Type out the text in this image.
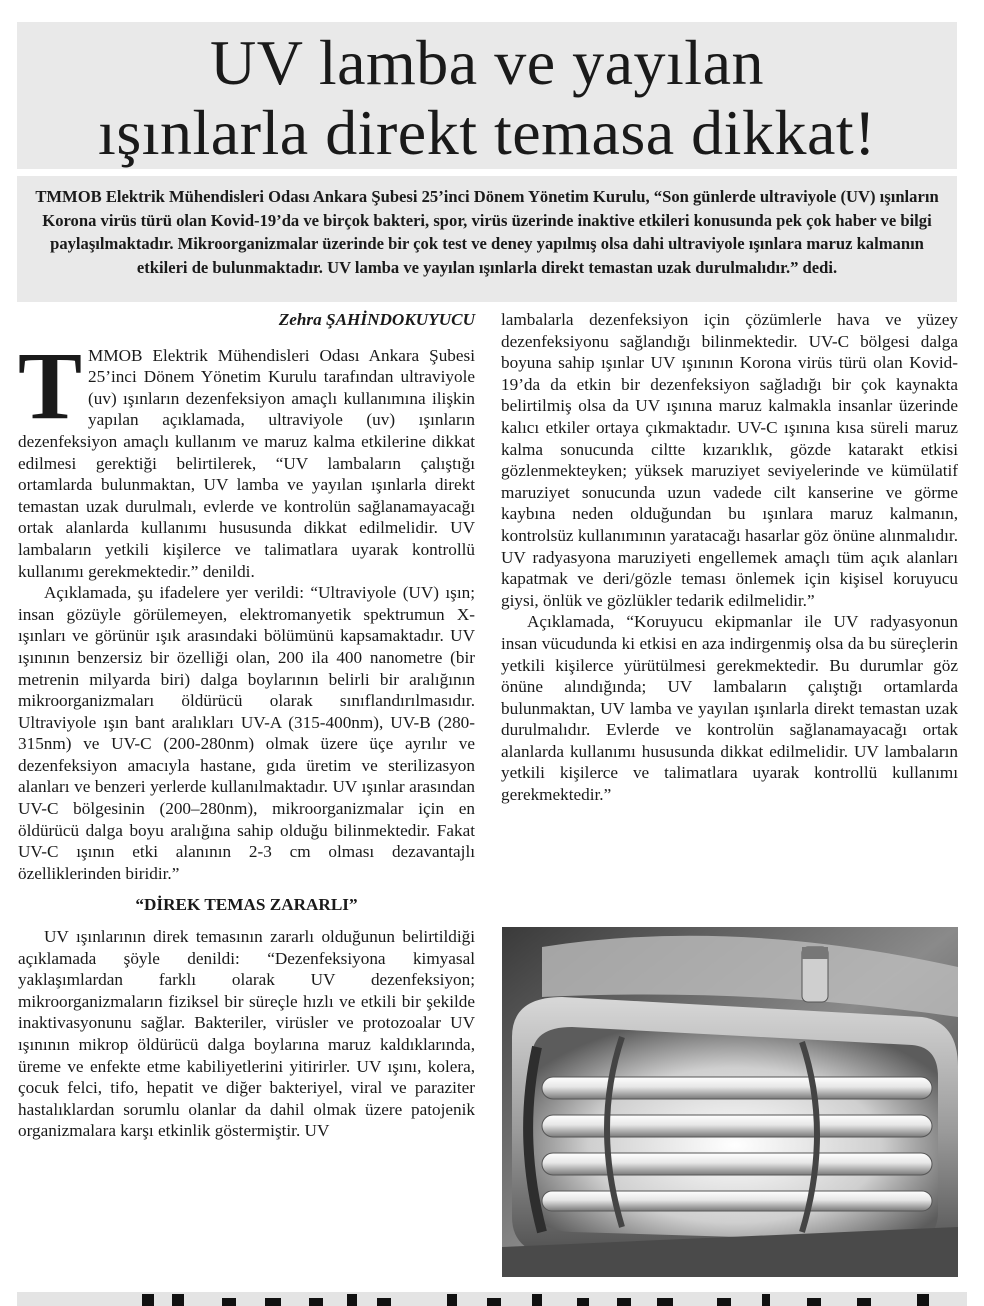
UV lamba ve yayılan
ışınlarla direkt temasa dikkat!
TMMOB Elektrik Mühendisleri Odası Ankara Şubesi 25’inci Dönem Yönetim Kurulu, “Son günlerde ultraviyole (UV) ışınların Korona virüs türü olan Kovid-19’da ve birçok bakteri, spor, virüs üzerinde inaktive etkileri konusunda pek çok haber ve bilgi paylaşılmaktadır. Mikroorganizmalar üzerinde bir çok test ve deney yapılmış olsa dahi ultraviyole ışınlara maruz kalmanın etkileri de bulunmaktadır. UV lamba ve yayılan ışınlarla direkt temastan uzak durulmalıdır.” dedi.
Zehra ŞAHİNDOKUYUCU

TMMOB Elektrik Mühendisleri Odası Ankara Şubesi 25’inci Dönem Yönetim Kurulu tarafından ultraviyole (uv) ışınların dezenfeksiyon amaçlı kullanımına ilişkin yapılan açıklamada, ultraviyole (uv) ışınların dezenfeksiyon amaçlı kullanım ve maruz kalma etkilerine dikkat edilmesi gerektiği belirtilerek, “UV lambaların çalıştığı ortamlarda bulunmaktan, UV lamba ve yayılan ışınlarla direkt temastan uzak durulmalı, evlerde ve kontrolün sağlanamayacağı ortak alanlarda kullanımı hususunda dikkat edilmelidir. UV lambaların yetkili kişilerce ve talimatlara uyarak kontrollü kullanımı gerekmektedir.” denildi.

Açıklamada, şu ifadelere yer verildi: “Ultraviyole (UV) ışın; insan gözüyle görülemeyen, elektromanyetik spektrumun X-ışınları ve görünür ışık arasındaki bölümünü kapsamaktadır. UV ışınının benzersiz bir özelliği olan, 200 ila 400 nanometre (bir metrenin milyarda biri) dalga boylarının belirli bir aralığının mikroorganizmaları öldürücü olarak sınıflandırılmasıdır. Ultraviyole ışın bant aralıkları UV-A (315-400nm), UV-B (280- 315nm) ve UV-C (200-280nm) olmak üzere üçe ayrılır ve dezenfeksiyon amacıyla hastane, gıda üretim ve sterilizasyon alanları ve benzeri yerlerde kullanılmaktadır. UV ışınlar arasından UV-C bölgesinin (200–280nm), mikroorganizmalar için en öldürücü dalga boyu aralığına sahip olduğu bilinmektedir. Fakat UV-C ışının etki alanının 2-3 cm olması dezavantajlı özelliklerinden biridir.”

“DİREK TEMAS ZARARLI”

UV ışınlarının direk temasının zararlı olduğunun belirtildiği açıklamada şöyle denildi: “Dezenfeksiyona kimyasal yaklaşımlardan farklı olarak UV dezenfeksiyon; mikroorganizmaların fiziksel bir süreçle hızlı ve etkili bir şekilde inaktivasyonunu sağlar. Bakteriler, virüsler ve protozoalar UV ışınının mikrop öldürücü dalga boylarına maruz kaldıklarında, üreme ve enfekte etme kabiliyetlerini yitirirler. UV ışını, kolera, çocuk felci, tifo, hepatit ve diğer bakteriyel, viral ve paraziter hastalıklardan sorumlu olanlar da dahil olmak üzere patojenik organizmalara karşı etkinlik göstermiştir. UV

lambalarla dezenfeksiyon için çözümlerle hava ve yüzey dezenfeksiyonu sağlandığı bilinmektedir. UV-C bölgesi dalga boyuna sahip ışınlar UV ışınının Korona virüs türü olan Kovid-19’da da etkin bir dezenfeksiyon sağladığı bir çok kaynakta belirtilmiş olsa da UV ışınına maruz kalmakla insanlar üzerinde kalıcı etkiler ortaya çıkmaktadır. UV-C ışınına kısa süreli maruz kalma sonucunda ciltte kızarıklık, gözde katarakt etkisi gözlenmekteyken; yüksek maruziyet seviyelerinde ve kümülatif maruziyet sonucunda uzun vadede cilt kanserine ve görme kaybına neden olduğundan bu ışınlara maruz kalmanın, kontrolsüz kullanımının yaratacağı hasarlar göz önüne alınmalıdır. UV radyasyona maruziyeti engellemek amaçlı tüm açık alanları kapatmak ve deri/gözle teması önlemek için kişisel koruyucu giysi, önlük ve gözlükler tedarik edilmelidir.”

Açıklamada, “Koruyucu ekipmanlar ile UV radyasyonun insan vücudunda ki etkisi en aza indirgenmiş olsa da bu süreçlerin yetkili kişilerce yürütülmesi gerekmektedir. Bu durumlar göz önüne alındığında; UV lambaların çalıştığı ortamlarda bulunmaktan, UV lamba ve yayılan ışınlarla direkt temastan uzak durulmalıdır. Evlerde ve kontrolün sağlanamayacağı ortak alanlarda kullanımı hususunda dikkat edilmelidir. UV lambaların yetkili kişilerce ve talimatlara uyarak kontrollü kullanımı gerekmektedir.”
